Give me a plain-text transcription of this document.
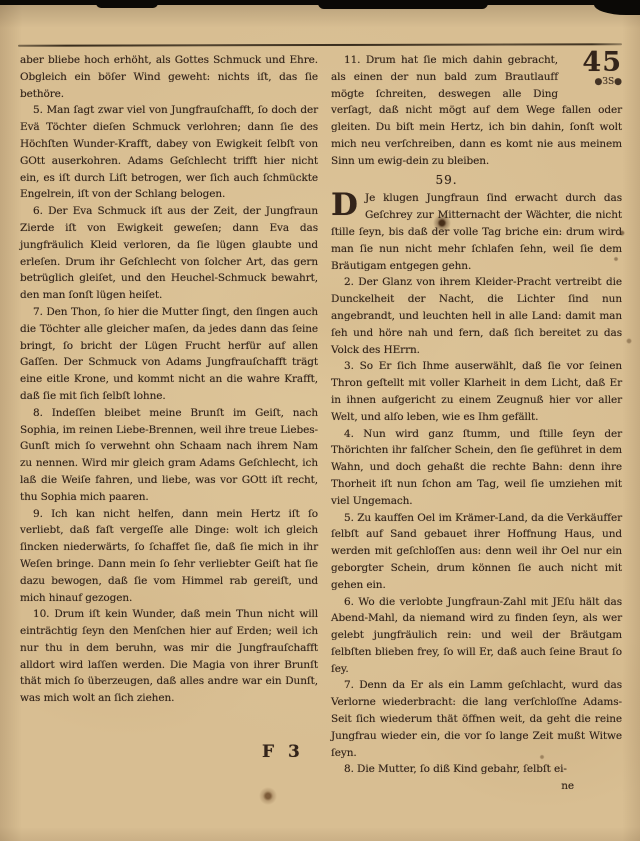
aber bliebe hoch erhöht, als Gottes Schmuck und Ehre. Obgleich ein böſer Wind geweht: nichts iſt, das ſie bethöre.

5. Man ſagt zwar viel von Jungfrauſchafft, ſo doch der Evä Töchter dieſen Schmuck verlohren; dann ſie des Höchſten Wunder-Krafft, dabey von Ewigkeit ſelbſt von GOtt auserkohren. Adams Geſchlecht trifft hier nicht ein, es iſt durch Liſt betrogen, wer ſich auch ſchmückte Engelrein, iſt von der Schlang belogen.

6. Der Eva Schmuck iſt aus der Zeit, der Jungfraun Zierde iſt von Ewigkeit geweſen; dann Eva das jungfräulich Kleid verloren, da ſie lügen glaubte und erleſen. Drum ihr Geſchlecht von ſolcher Art, das gern betrüglich gleiſet, und den Heuchel-Schmuck bewahrt, den man ſonſt lügen heiſet.

7. Den Thon, ſo hier die Mutter ſingt, den ſingen auch die Töchter alle gleicher maſen, da jedes dann das ſeine bringt, ſo bricht der Lügen Frucht herfür auf allen Gaſſen. Der Schmuck von Adams Jungfrauſchafft trägt eine eitle Krone, und kommt nicht an die wahre Krafft, daß ſie mit ſich ſelbſt lohne.

8. Indeſſen bleibet meine Brunſt im Geiſt, nach Sophia, im reinen Liebe-Brennen, weil ihre treue Liebes-Gunſt mich ſo verwehnt ohn Schaam nach ihrem Nam zu nennen. Wird mir gleich gram Adams Geſchlecht, ich laß die Weiſe fahren, und liebe, was vor GOtt iſt recht, thu Sophia mich paaren.

9. Ich kan nicht helfen, dann mein Hertz iſt ſo verliebt, daß faſt vergeſſe alle Dinge: wolt ich gleich ſincken niederwärts, ſo ſchaffet ſie, daß ſie mich in ihr Weſen bringe. Dann mein ſo ſehr verliebter Geiſt hat ſie dazu bewogen, daß ſie vom Himmel rab gereiſt, und mich hinauf gezogen.

10. Drum iſt kein Wunder, daß mein Thun nicht will einträchtig ſeyn den Menſchen hier auf Erden; weil ich nur thu in dem beruhn, was mir die Jungfrauſchafft alldort wird laſſen werden. Die Magia von ihrer Brunſt thät mich ſo überzeugen, daß alles andre war ein Dunſt, was mich wolt an ſich ziehen.

45
●ЗЅ●

11. Drum hat ſie mich dahin gebracht, als einen der nun bald zum Brautlauff mögte ſchreiten, deswegen alle Ding verſagt, daß nicht mögt auf dem Wege fallen oder gleiten. Du biſt mein Hertz, ich bin dahin, ſonſt wolt mich neu verſchreiben, dann es komt nie aus meinem Sinn um ewig-dein zu bleiben.

59.

D Je klugen Jungfraun ſind erwacht durch das Geſchrey zur Mitternacht der Wächter, die nicht ſtille ſeyn, bis daß der volle Tag briche ein: drum wird man ſie nun nicht mehr ſchlafen ſehn, weil ſie dem Bräutigam entgegen gehn.

2. Der Glanz von ihrem Kleider-Pracht vertreibt die Dunckelheit der Nacht, die Lichter ſind nun angebrandt, und leuchten hell in alle Land: damit man ſeh und höre nah und fern, daß ſich bereitet zu das Volck des HErrn.

3. So Er ſich Ihme auserwählt, daß ſie vor ſeinen Thron geſtellt mit voller Klarheit in dem Licht, daß Er in ihnen aufgericht zu einem Zeugnuß hier vor aller Welt, und alſo leben, wie es Ihm gefällt.

4. Nun wird ganz ſtumm, und ſtille ſeyn der Thörichten ihr falſcher Schein, den ſie geführet in dem Wahn, und doch gehaßt die rechte Bahn: denn ihre Thorheit iſt nun ſchon am Tag, weil ſie umziehen mit viel Ungemach.

5. Zu kauffen Oel im Krämer-Land, da die Verkäuffer ſelbſt auf Sand gebauet ihrer Hoffnung Haus, und werden mit geſchloſſen aus: denn weil ihr Oel nur ein geborgter Schein, drum können ſie auch nicht mit gehen ein.

6. Wo die verlobte Jungfraun-Zahl mit JEſu hält das Abend-Mahl, da niemand wird zu finden ſeyn, als wer gelebt jungfräulich rein: und weil der Bräutgam ſelbſten blieben frey, ſo will Er, daß auch ſeine Braut ſo ſey.

7. Denn da Er als ein Lamm geſchlacht, wurd das Verlorne wiederbracht: die lang verſchloſſne Adams-Seit ſich wiederum thät öffnen weit, da geht die reine Jungfrau wieder ein, die vor ſo lange Zeit mußt Witwe ſeyn.

8. Die Mutter, ſo diß Kind gebahr, ſelbſt ei-

ne
F 3
